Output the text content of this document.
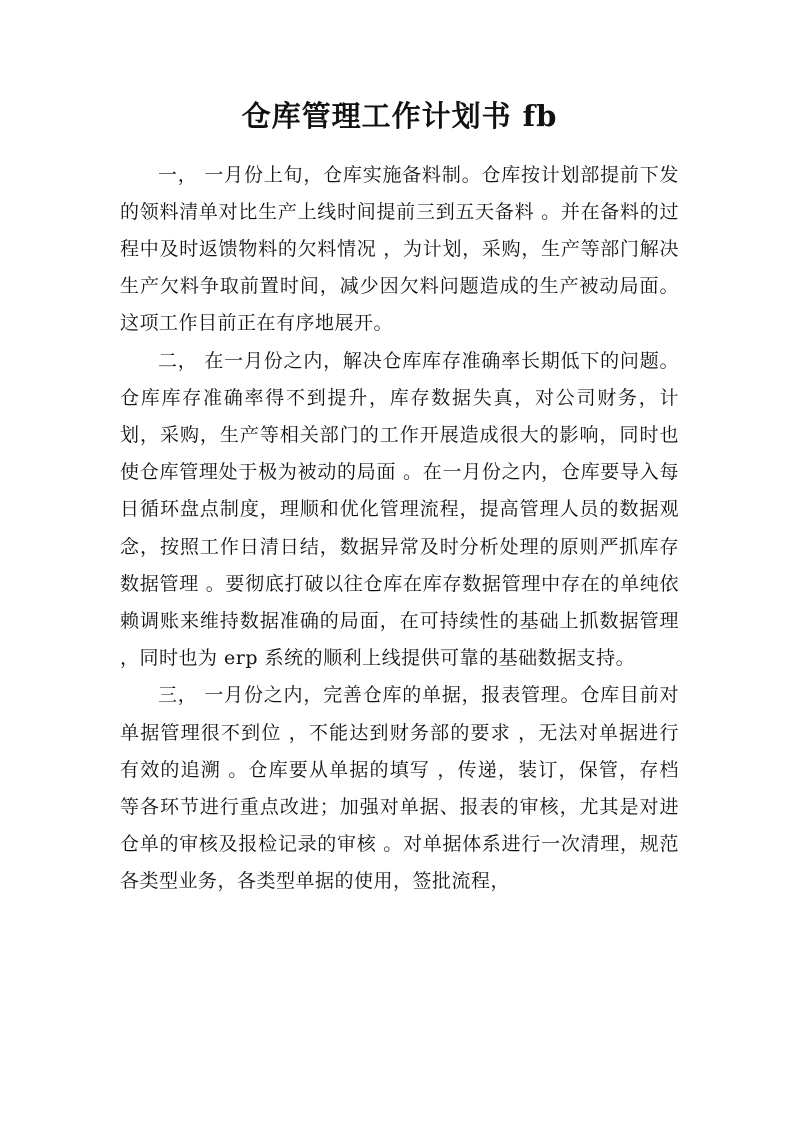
仓库管理工作计划书 fb

一， 一月份上旬，仓库实施备料制。仓库按计划部提前下发的领料清单对比生产上线时间提前三到五天备料 。并在备料的过程中及时返馈物料的欠料情况 ，为计划，采购，生产等部门解决生产欠料争取前置时间，减少因欠料问题造成的生产被动局面。这项工作目前正在有序地展开。

二， 在一月份之内，解决仓库库存准确率长期低下的问题。仓库库存准确率得不到提升，库存数据失真，对公司财务，计划，采购，生产等相关部门的工作开展造成很大的影响，同时也使仓库管理处于极为被动的局面 。在一月份之内，仓库要导入每日循环盘点制度，理顺和优化管理流程，提高管理人员的数据观念，按照工作日清日结，数据异常及时分析处理的原则严抓库存数据管理 。要彻底打破以往仓库在库存数据管理中存在的单纯依赖调账来维持数据准确的局面，在可持续性的基础上抓数据管理 ，同时也为 erp 系统的顺利上线提供可靠的基础数据支持。

三， 一月份之内，完善仓库的单据，报表管理。仓库目前对单据管理很不到位 ，不能达到财务部的要求 ，无法对单据进行有效的追溯 。仓库要从单据的填写 ，传递，装订，保管，存档等各环节进行重点改进；加强对单据、报表的审核，尤其是对进仓单的审核及报检记录的审核 。对单据体系进行一次清理，规范各类型业务，各类型单据的使用，签批流程，
